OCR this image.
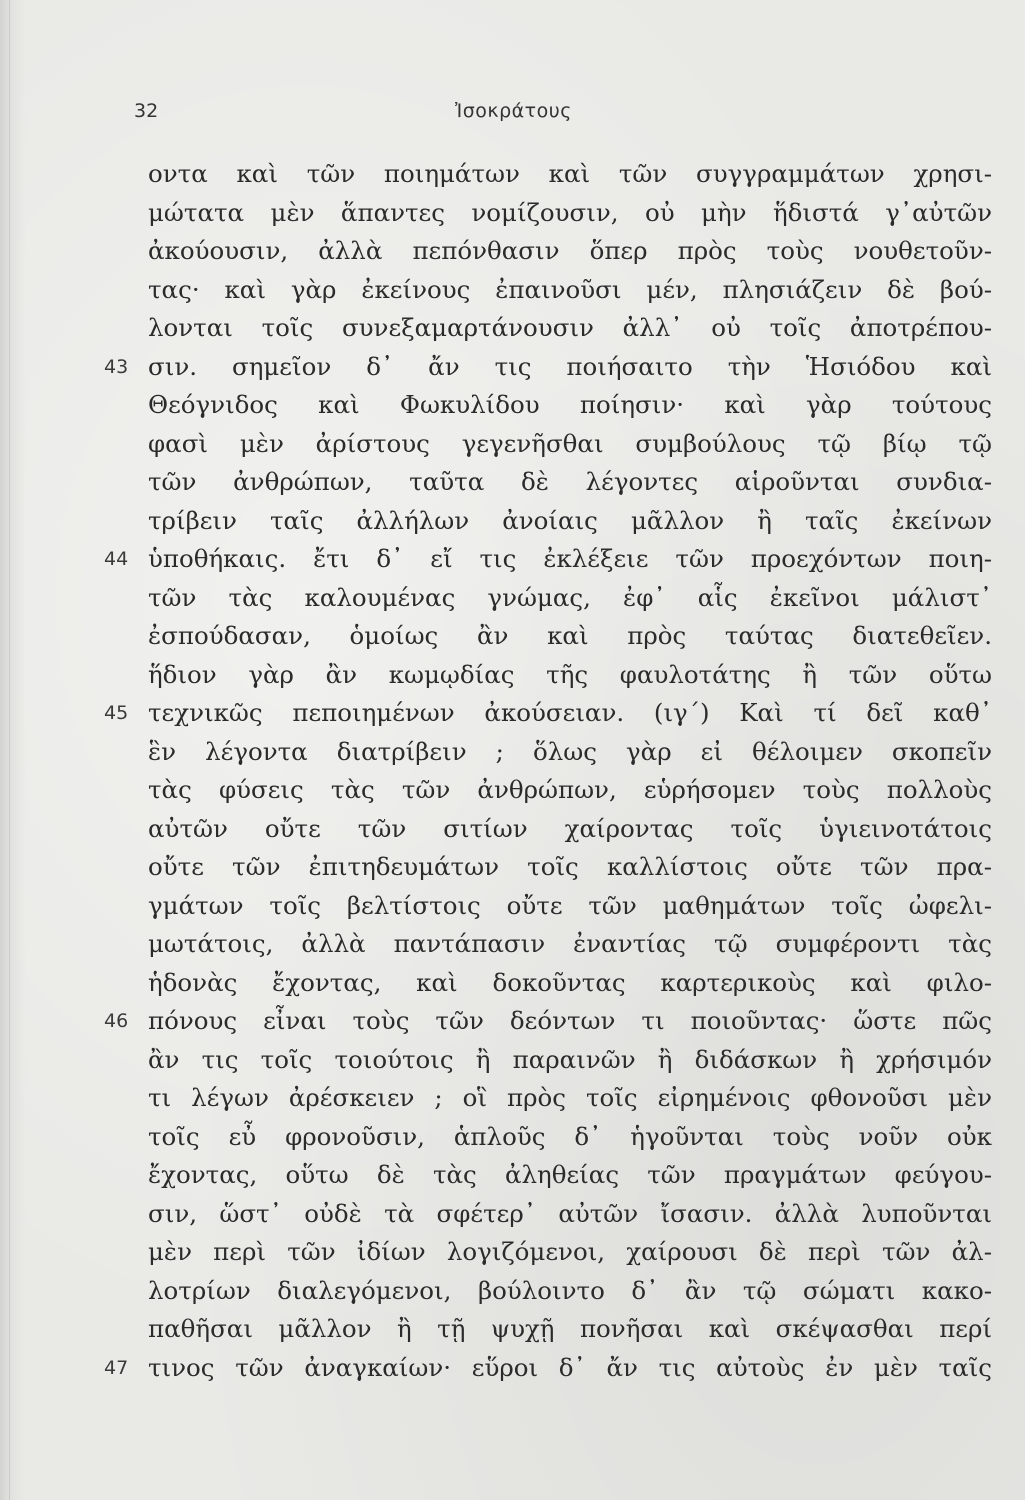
32	Ἰσοκράτους
οντα καὶ τῶν ποιημάτων καὶ τῶν συγγραμμάτων χρησι-
μώτατα μὲν ἅπαντες νομίζουσιν, οὐ μὴν ἥδιστά γ᾽αὐτῶν
ἀκούουσιν, ἀλλὰ πεπόνθασιν ὅπερ πρὸς τοὺς νουθετοῦν-
τας· καὶ γὰρ ἐκείνους ἐπαινοῦσι μέν, πλησιάζειν δὲ βού-
λονται τοῖς συνεξαμαρτάνουσιν ἀλλ᾽ οὐ τοῖς ἀποτρέπου-
43 σιν. σημεῖον δ᾽ ἄν τις ποιήσαιτο τὴν Ἡσιόδου καὶ
Θεόγνιδος καὶ Φωκυλίδου ποίησιν· καὶ γὰρ τούτους
φασὶ μὲν ἀρίστους γεγενῆσθαι συμβούλους τῷ βίῳ τῷ
τῶν ἀνθρώπων, ταῦτα δὲ λέγοντες αἱροῦνται συνδια-
τρίβειν ταῖς ἀλλήλων ἀνοίαις μᾶλλον ἢ ταῖς ἐκείνων
44 ὑποθήκαις. ἔτι δ᾽ εἴ τις ἐκλέξειε τῶν προεχόντων ποιη-
τῶν τὰς καλουμένας γνώμας, ἐφ᾽ αἷς ἐκεῖνοι μάλιστ᾽
ἐσπούδασαν, ὁμοίως ἂν καὶ πρὸς ταύτας διατεθεῖεν.
ἥδιον γὰρ ἂν κωμῳδίας τῆς φαυλοτάτης ἢ τῶν οὕτω
45 τεχνικῶς πεποιημένων ἀκούσειαν. (ιγ´) Καὶ τί δεῖ καθ᾽
ἓν λέγοντα διατρίβειν ; ὅλως γὰρ εἰ θέλοιμεν σκοπεῖν
τὰς φύσεις τὰς τῶν ἀνθρώπων, εὑρήσομεν τοὺς πολλοὺς
αὐτῶν οὔτε τῶν σιτίων χαίροντας τοῖς ὑγιεινοτάτοις
οὔτε τῶν ἐπιτηδευμάτων τοῖς καλλίστοις οὔτε τῶν πρα-
γμάτων τοῖς βελτίστοις οὔτε τῶν μαθημάτων τοῖς ὠφελι-
μωτάτοις, ἀλλὰ παντάπασιν ἐναντίας τῷ συμφέροντι τὰς
ἡδονὰς ἔχοντας, καὶ δοκοῦντας καρτερικοὺς καὶ φιλο-
46 πόνους εἶναι τοὺς τῶν δεόντων τι ποιοῦντας· ὥστε πῶς
ἂν τις τοῖς τοιούτοις ἢ παραινῶν ἢ διδάσκων ἢ χρήσιμόν
τι λέγων ἀρέσκειεν ; οἳ πρὸς τοῖς εἰρημένοις φθονοῦσι μὲν
τοῖς εὖ φρονοῦσιν, ἁπλοῦς δ᾽ ἡγοῦνται τοὺς νοῦν οὐκ
ἔχοντας, οὕτω δὲ τὰς ἀληθείας τῶν πραγμάτων φεύγου-
σιν, ὥστ᾽ οὐδὲ τὰ σφέτερ᾽ αὐτῶν ἴσασιν. ἀλλὰ λυποῦνται
μὲν περὶ τῶν ἰδίων λογιζόμενοι, χαίρουσι δὲ περὶ τῶν ἀλ-
λοτρίων διαλεγόμενοι, βούλοιντο δ᾽ ἂν τῷ σώματι κακο-
παθῆσαι μᾶλλον ἢ τῇ ψυχῇ πονῆσαι καὶ σκέψασθαι περί
47 τινος τῶν ἀναγκαίων· εὕροι δ᾽ ἄν τις αὐτοὺς ἐν μὲν ταῖς
